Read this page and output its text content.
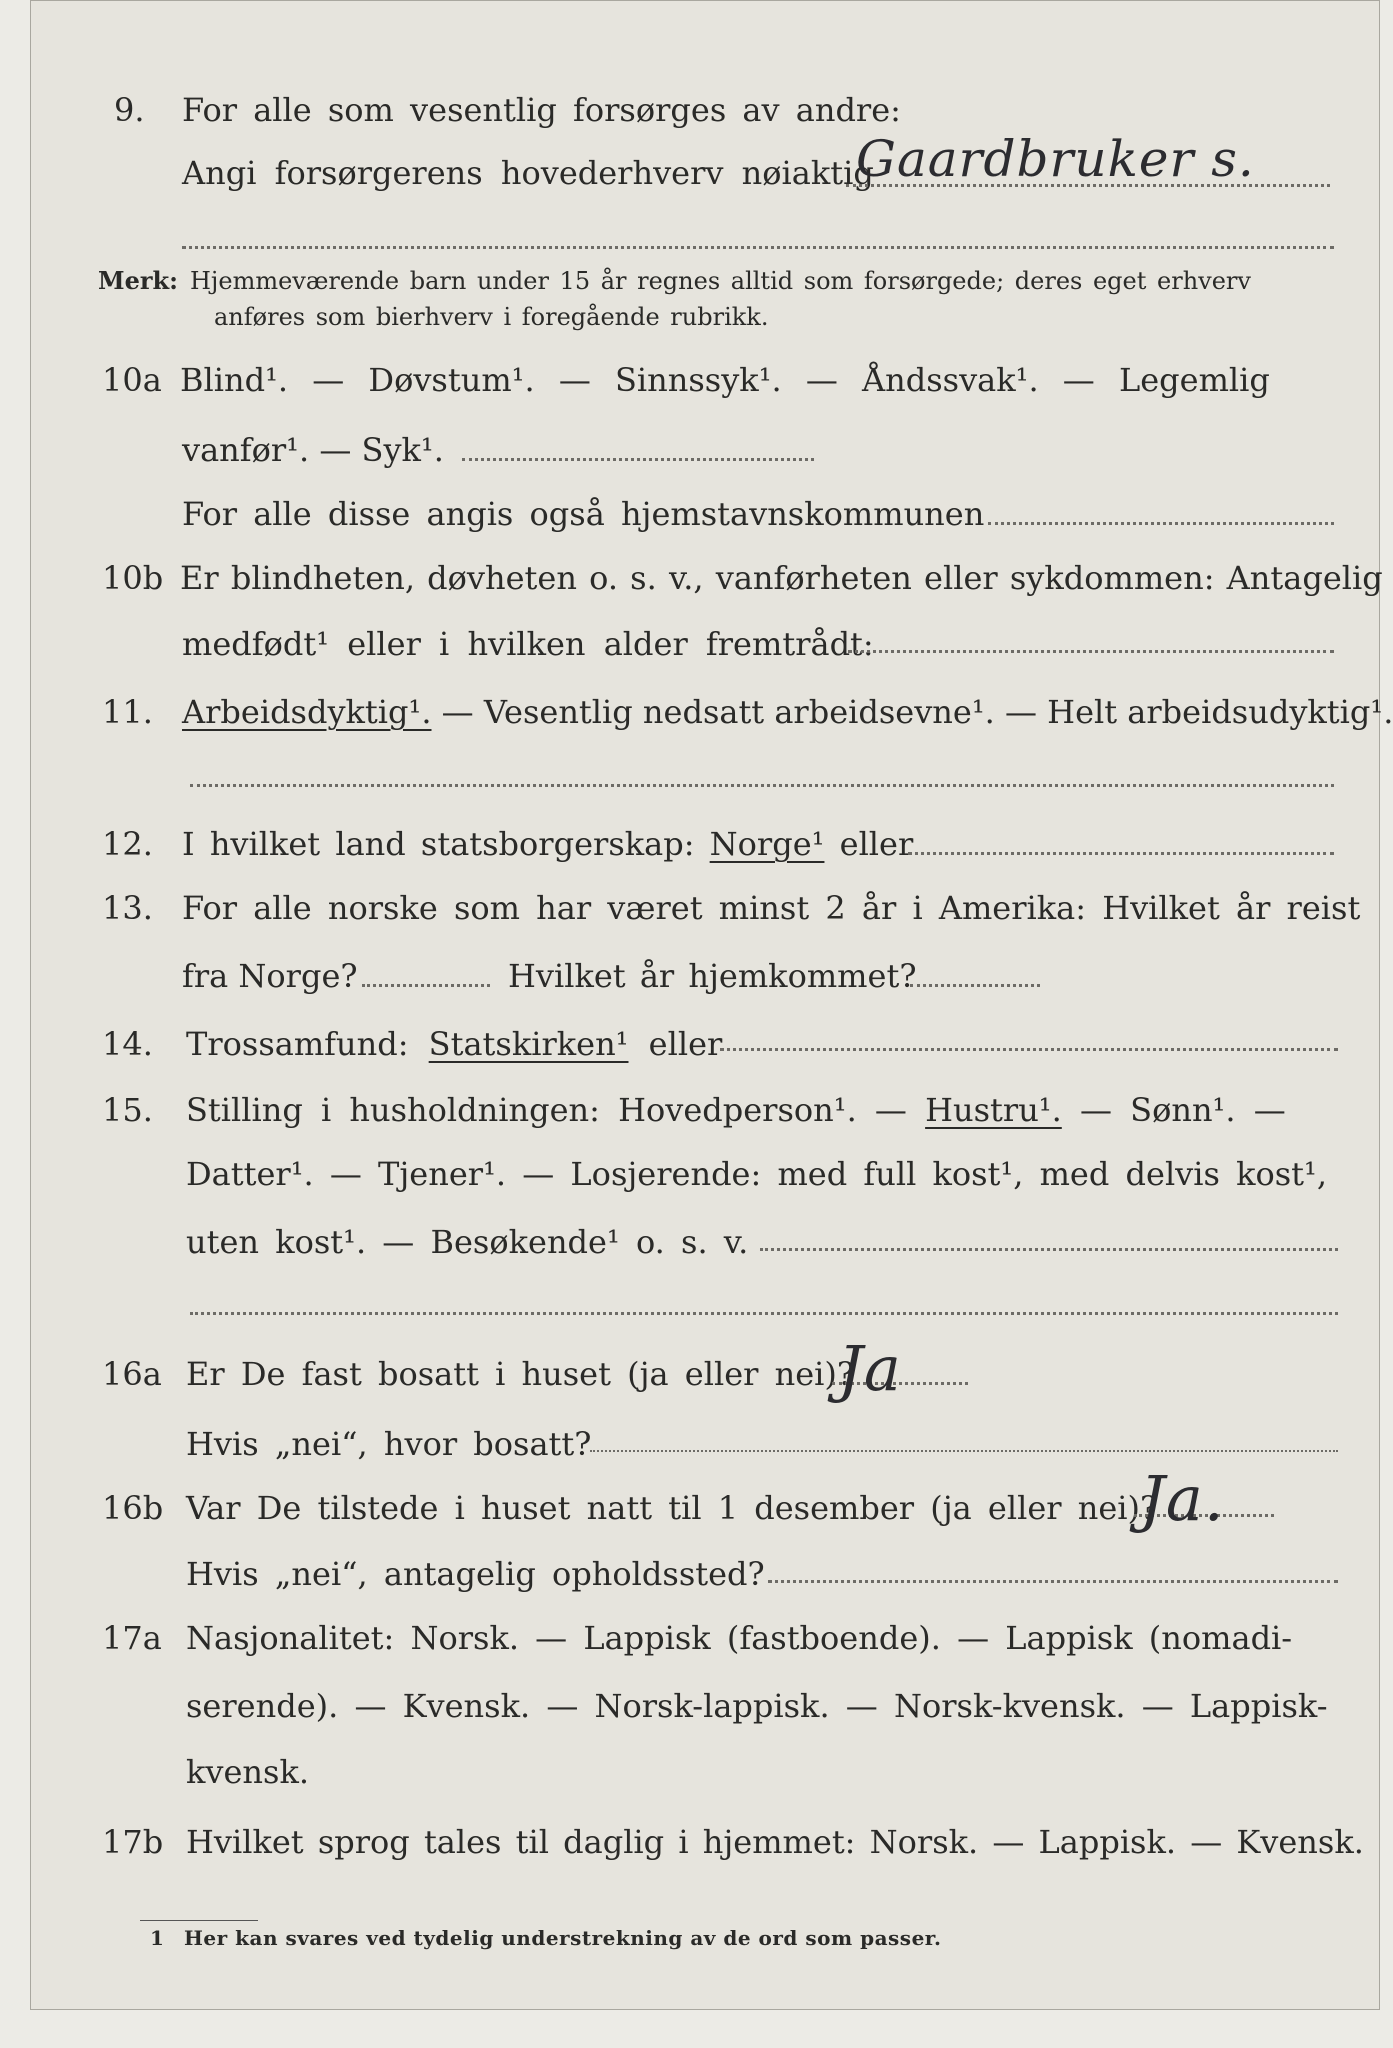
9. For alle som vesentlig forsørges av andre:
Angi forsørgerens hovederhverv nøiaktig
Gaardbruker s.
Merk: Hjemmeværende barn under 15 år regnes alltid som forsørgede; deres eget erhverv
anføres som bierhverv i foregående rubrikk.
10a Blind¹. — Døvstum¹. — Sinnssyk¹. — Åndssvak¹. — Legemlig
vanfør¹. — Syk¹.
For alle disse angis også hjemstavnskommunen
10b Er blindheten, døvheten o. s. v., vanførheten eller sykdommen: Antagelig
medfødt¹ eller i hvilken alder fremtrådt:
11. Arbeidsdyktig¹. — Vesentlig nedsatt arbeidsevne¹. — Helt arbeidsudyktig¹.
12. I hvilket land statsborgerskap: Norge¹ eller
13. For alle norske som har været minst 2 år i Amerika: Hvilket år reist
fra Norge?	Hvilket år hjemkommet?
14. Trossamfund: Statskirken¹ eller
15. Stilling i husholdningen: Hovedperson¹. — Hustru¹. — Sønn¹. —
Datter¹. — Tjener¹. — Losjerende: med full kost¹, med delvis kost¹,
uten kost¹. — Besøkende¹ o. s. v.
16a Er De fast bosatt i huset (ja eller nei)?
Ja
Hvis „nei“, hvor bosatt?
16b Var De tilstede i huset natt til 1 desember (ja eller nei)?
Ja.
Hvis „nei“, antagelig opholdssted?
17a Nasjonalitet: Norsk. — Lappisk (fastboende). — Lappisk (nomadi-
serende). — Kvensk. — Norsk-lappisk. — Norsk-kvensk. — Lappisk-
kvensk.
17b Hvilket sprog tales til daglig i hjemmet: Norsk. — Lappisk. — Kvensk.
1 Her kan svares ved tydelig understrekning av de ord som passer.
